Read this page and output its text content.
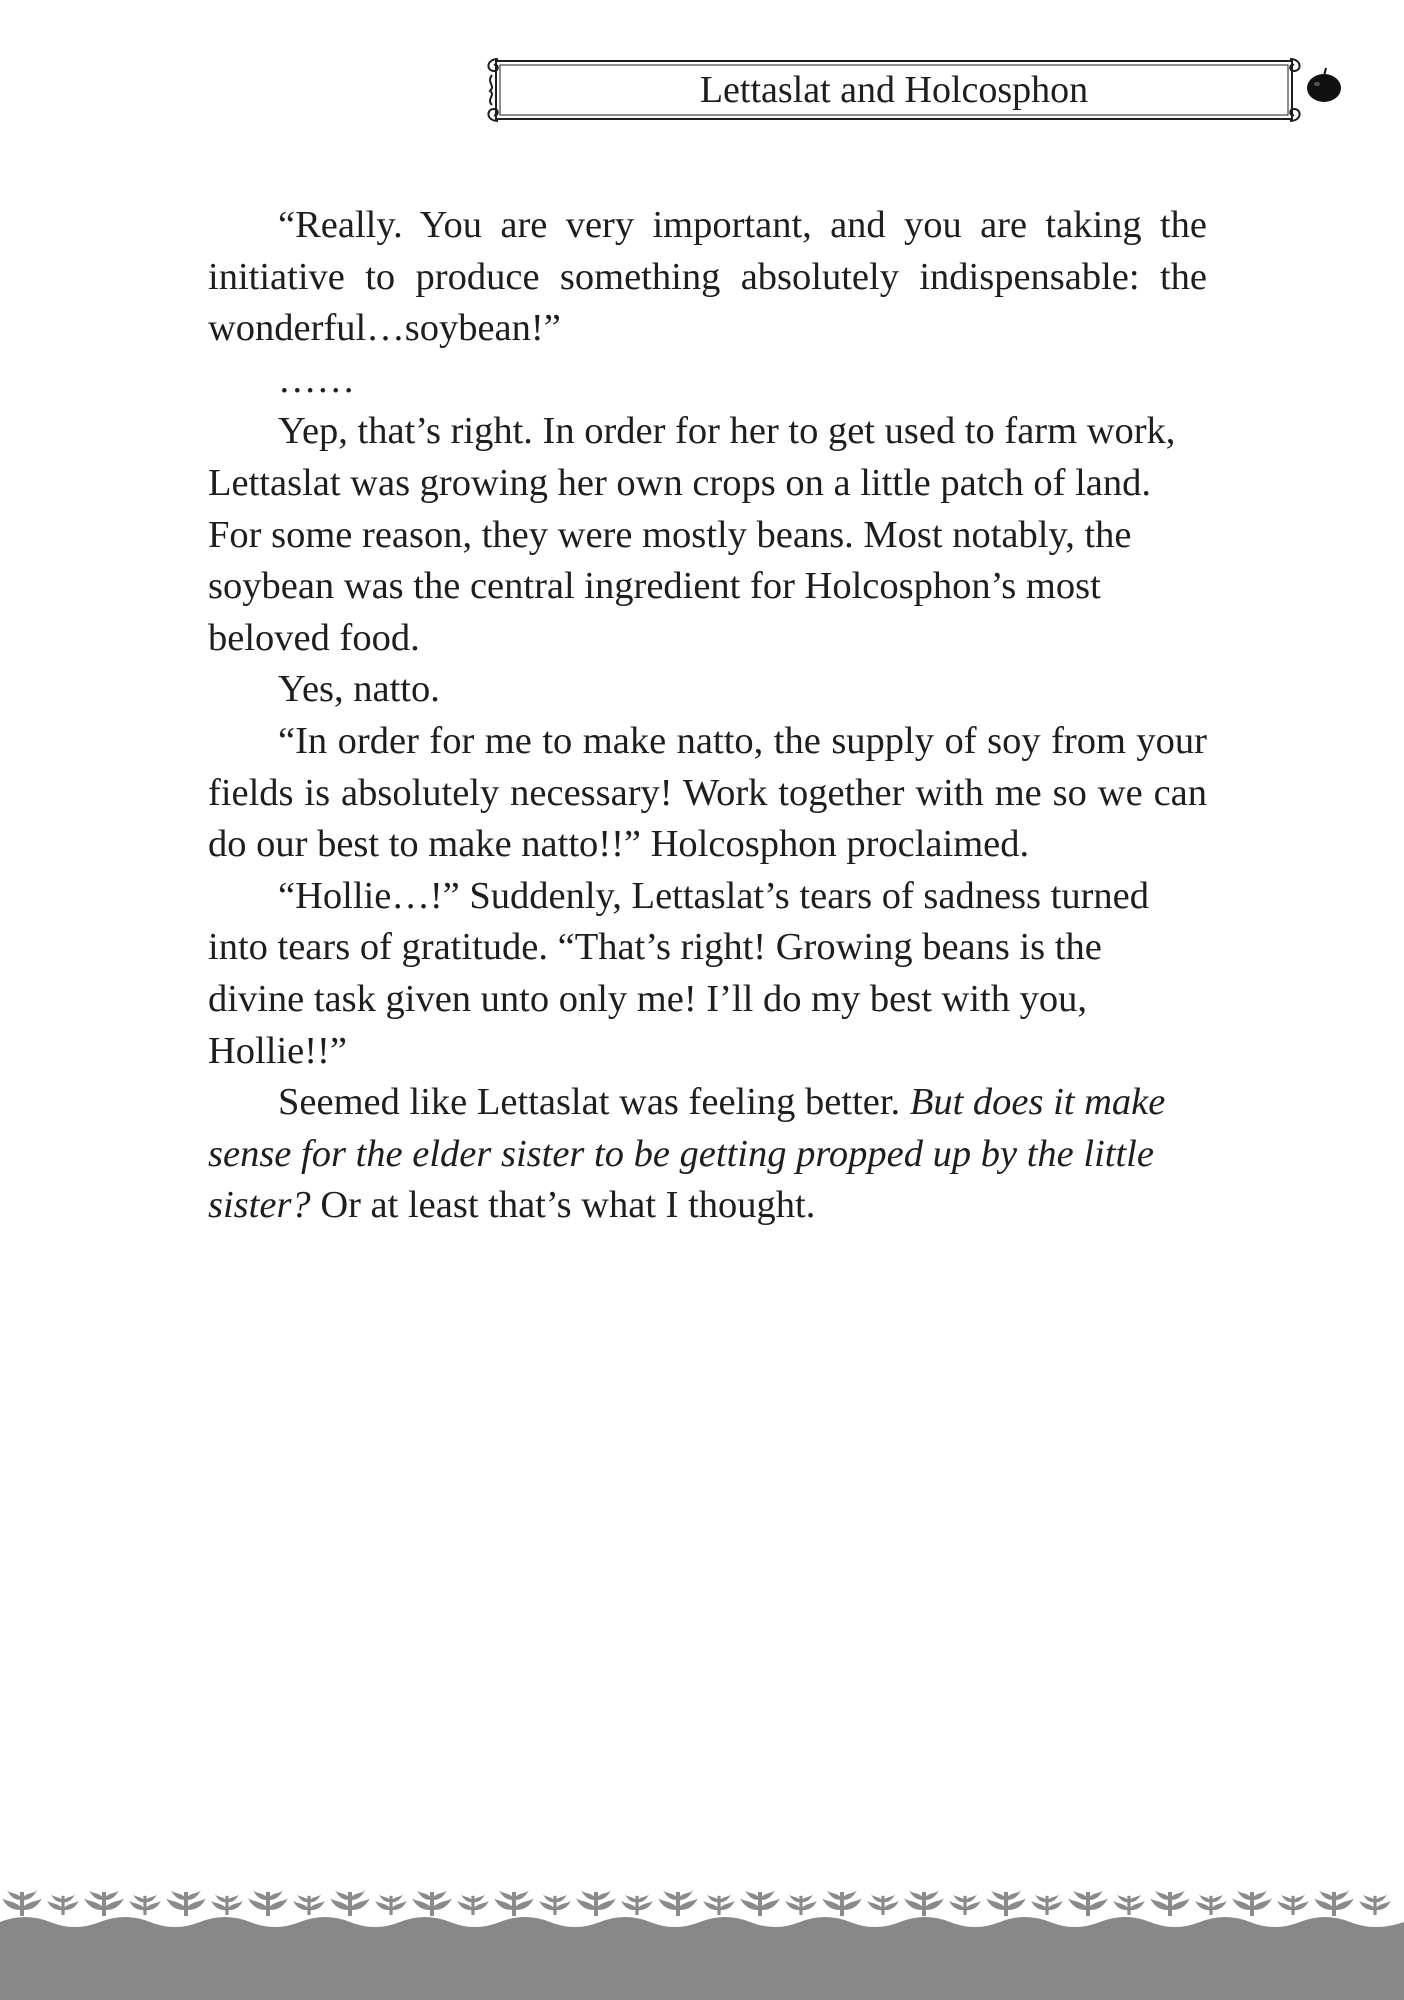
Lettaslat and Holcosphon

“Really. You are very important, and you are taking the initiative to produce something absolutely indispensable: the wonderful…soybean!”

……

Yep, that’s right. In order for her to get used to farm work, Lettaslat was growing her own crops on a little patch of land. For some reason, they were mostly beans. Most notably, the soybean was the central ingredient for Holcosphon’s most beloved food.

Yes, natto.

“In order for me to make natto, the supply of soy from your fields is absolutely necessary! Work together with me so we can do our best to make natto!!” Holcosphon proclaimed.

“Hollie…!” Suddenly, Lettaslat’s tears of sadness turned into tears of gratitude. “That’s right! Growing beans is the divine task given unto only me! I’ll do my best with you, Hollie!!”

Seemed like Lettaslat was feeling better. But does it make sense for the elder sister to be getting propped up by the little sister? Or at least that’s what I thought.
